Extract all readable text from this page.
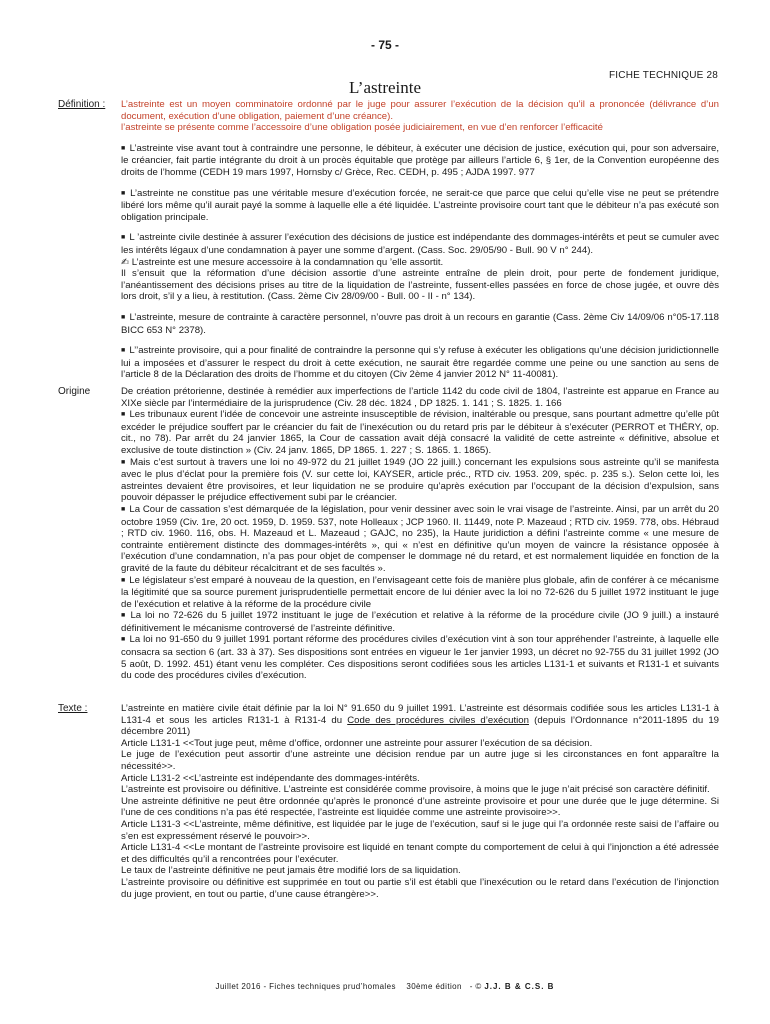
- 75 -
FICHE TECHNIQUE 28
L’astreinte
Définition : L’astreinte est un moyen comminatoire ordonné par le juge pour assurer l’exécution de la décision qu’il a prononcée (délivrance d’un document, exécution d’une obligation, paiement d’une créance).

l’astreinte se présente comme l’accessoire d’une obligation posée judiciairement, en vue d’en renforcer l’efficacité

■ L’astreinte vise avant tout à contraindre une personne, le débiteur, à exécuter une décision de justice, exécution qui, pour son adversaire, le créancier, fait partie intégrante du droit à un procès équitable que protège par ailleurs l’article 6, § 1er, de la Convention européenne des droits de l’homme (CEDH 19 mars 1997, Hornsby c/ Grèce, Rec. CEDH, p. 495 ; AJDA 1997. 977

■ L’astreinte ne constitue pas une véritable mesure d’exécution forcée, ne serait-ce que parce que celui qu’elle vise ne peut se prétendre libéré lors même qu’il aurait payé la somme à laquelle elle a été liquidée. L’astreinte provisoire court tant que le débiteur n’a pas exécuté son obligation principale.

■ L ’astreinte civile destinée à assurer l’exécution des décisions de justice est indépendante des dommages-intérêts et peut se cumuler avec les intérêts légaux d’une condamnation à payer une somme d’argent. (Cass. Soc. 29/05/90 - Bull. 90 V n° 244).

✍ L’astreinte est une mesure accessoire à la condamnation qu ’elle assortit.

Il s’ensuit que la réformation d’une décision assortie d’une astreinte entraîne de plein droit, pour perte de fondement juridique, l’anéantissement des décisions prises au titre de la liquidation de l’astreinte, fussent-elles passées en force de chose jugée, et ouvre dès lors droit, s’il y a lieu, à restitution. (Cass. 2ème Civ 28/09/00 - Bull. 00 - II - n° 134).

■ L’astreinte, mesure de contrainte à caractère personnel, n’ouvre pas droit à un recours en garantie (Cass. 2ème Civ 14/09/06 n°05-17.118 BICC 653 N° 2378).

■ L’’astreinte provisoire, qui a pour finalité de contraindre la personne qui s’y refuse à exécuter les obligations qu’une décision juridictionnelle lui a imposées et d’assurer le respect du droit à cette exécution, ne saurait être regardée comme une peine ou une sanction au sens de l’article 8 de la Déclaration des droits de l’homme et du citoyen (Civ 2ème 4 janvier 2012 N° 11-40081).

Origine	De création prétorienne, destinée à remédier aux imperfections de l’article 1142 du code civil de 1804, l’astreinte est apparue en France au XIXe siècle par l’intermédiaire de la jurisprudence (Civ. 28 déc. 1824 , DP 1825. 1. 141 ; S. 1825. 1. 166

■ Les tribunaux eurent l’idée de concevoir une astreinte insusceptible de révision, inaltérable ou presque, sans pourtant admettre qu’elle pût excéder le préjudice souffert par le créancier du fait de l’inexécution ou du retard pris par le débiteur à s’exécuter (PERROT et THÉRY, op. cit., no 78). Par arrêt du 24 janvier 1865, la Cour de cassation avait déjà consacré la validité de cette astreinte « définitive, absolue et exclusive de toute distinction » (Civ. 24 janv. 1865, DP 1865. 1. 227 ; S. 1865. 1. 1865).

■ Mais c’est surtout à travers une loi no 49-972 du 21 juillet 1949 (JO 22 juill.) concernant les expulsions sous astreinte qu’il se manifesta avec le plus d’éclat pour la première fois (V. sur cette loi, KAYSER, article préc., RTD civ. 1953. 209, spéc. p. 235 s.). Selon cette loi, les astreintes devaient être provisoires, et leur liquidation ne se produire qu’après exécution par l’occupant de la décision d’expulsion, sans pouvoir dépasser le préjudice effectivement subi par le créancier.

■ La Cour de cassation s’est démarquée de la législation, pour venir dessiner avec soin le vrai visage de l’astreinte. Ainsi, par un arrêt du 20 octobre 1959 (Civ. 1re, 20 oct. 1959, D. 1959. 537, note Holleaux ; JCP 1960. II. 11449, note P. Mazeaud ; RTD civ. 1959. 778, obs. Hébraud ; RTD civ. 1960. 116, obs. H. Mazeaud et L. Mazeaud ; GAJC, no 235), la Haute juridiction a défini l’astreinte comme « une mesure de contrainte entièrement distincte des dommages-intérêts », qui « n’est en définitive qu’un moyen de vaincre la résistance opposée à l’exécution d’une condamnation, n’a pas pour objet de compenser le dommage né du retard, et est normalement liquidée en fonction de la gravité de la faute du débiteur récalcitrant et de ses facultés ».

■ Le législateur s’est emparé à nouveau de la question, en l’envisageant cette fois de manière plus globale, afin de conférer à ce mécanisme la légitimité que sa source purement jurisprudentielle permettait encore de lui dénier avec la loi no 72-626 du 5 juillet 1972 instituant le juge de l’exécution et relative à la réforme de la procédure civile

■ La loi no 72-626 du 5 juillet 1972 instituant le juge de l’exécution et relative à la réforme de la procédure civile (JO 9 juill.) a instauré définitivement le mécanisme controversé de l’astreinte définitive.

■ La loi no 91-650 du 9 juillet 1991 portant réforme des procédures civiles d’exécution vint à son tour appréhender l’astreinte, à laquelle elle consacra sa section 6 (art. 33 à 37). Ses dispositions sont entrées en vigueur le 1er janvier 1993, un décret no 92-755 du 31 juillet 1992 (JO 5 août, D. 1992. 451) étant venu les compléter. Ces dispositions seront codifiées sous les articles L131-1 et suivants et R131-1 et suivants du code des procédures civiles d’exécution.

Texte :	L’astreinte en matière civile était définie par la loi N° 91.650 du 9 juillet 1991. L’astreinte est désormais codifiée sous les articles L131-1 à L131-4 et sous les articles R131-1 à R131-4 du Code des procédures civiles d’exécution (depuis l’Ordonnance n°2011-1895 du 19 décembre 2011)

Article L131-1 <<Tout juge peut, même d’office, ordonner une astreinte pour assurer l’exécution de sa décision.

Le juge de l’exécution peut assortir d’une astreinte une décision rendue par un autre juge si les circonstances en font apparaître la nécessité>>.

Article L131-2 <<L’astreinte est indépendante des dommages-intérêts.

L’astreinte est provisoire ou définitive. L’astreinte est considérée comme provisoire, à moins que le juge n’ait précisé son caractère définitif.

Une astreinte définitive ne peut être ordonnée qu’après le prononcé d’une astreinte provisoire et pour une durée que le juge détermine. Si l’une de ces conditions n’a pas été respectée, l’astreinte est liquidée comme une astreinte provisoire>>.

Article L131-3 <<L’astreinte, même définitive, est liquidée par le juge de l’exécution, sauf si le juge qui l’a ordonnée reste saisi de l’affaire ou s’en est expressément réservé le pouvoir>>.

Article L131-4 <<Le montant de l’astreinte provisoire est liquidé en tenant compte du comportement de celui à qui l’injonction a été adressée et des difficultés qu’il a rencontrées pour l’exécuter.

Le taux de l’astreinte définitive ne peut jamais être modifié lors de sa liquidation.

L’astreinte provisoire ou définitive est supprimée en tout ou partie s’il est établi que l’inexécution ou le retard dans l’exécution de l’injonction du juge provient, en tout ou partie, d’une cause étrangère>>.

Juillet 2016 - Fiches techniques prud’homales 30ème édition   - © J.J. B & C.S. B
